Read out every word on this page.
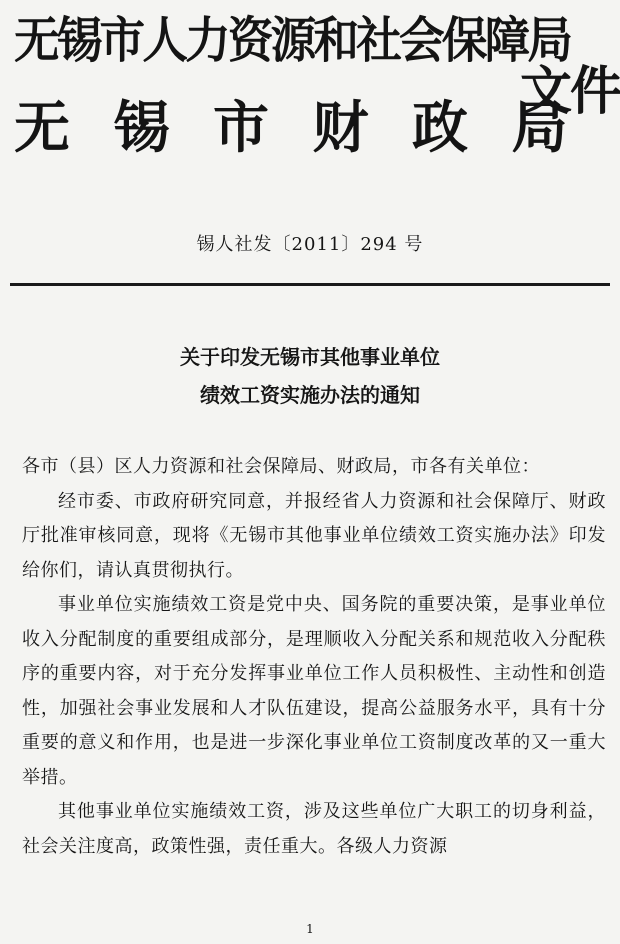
无锡市人力资源和社会保障局
无 锡 市 财 政 局
文件
锡人社发〔2011〕294 号
关于印发无锡市其他事业单位
绩效工资实施办法的通知

各市（县）区人力资源和社会保障局、财政局，市各有关单位：

经市委、市政府研究同意，并报经省人力资源和社会保障厅、财政厅批准审核同意，现将《无锡市其他事业单位绩效工资实施办法》印发给你们，请认真贯彻执行。

事业单位实施绩效工资是党中央、国务院的重要决策，是事业单位收入分配制度的重要组成部分，是理顺收入分配关系和规范收入分配秩序的重要内容，对于充分发挥事业单位工作人员积极性、主动性和创造性，加强社会事业发展和人才队伍建设，提高公益服务水平，具有十分重要的意义和作用，也是进一步深化事业单位工资制度改革的又一重大举措。

其他事业单位实施绩效工资，涉及这些单位广大职工的切身利益，社会关注度高，政策性强，责任重大。各级人力资源

1
